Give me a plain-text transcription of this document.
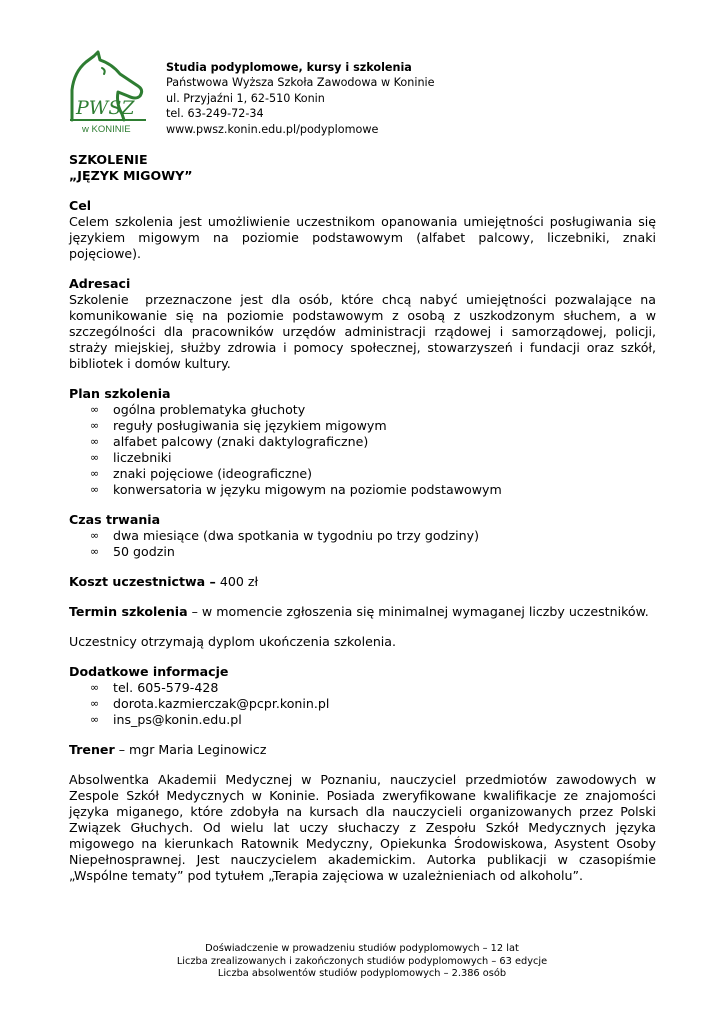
PWSZ
w KONINIE
Studia podyplomowe, kursy i szkolenia
Państwowa Wyższa Szkoła Zawodowa w Koninie
ul. Przyjaźni 1, 62-510 Konin
tel. 63-249-72-34
www.pwsz.konin.edu.pl/podyplomowe

SZKOLENIE

„JĘZYK MIGOWY”

Cel

Celem szkolenia jest umożliwienie uczestnikom opanowania umiejętności posługiwania się językiem migowym na poziomie podstawowym (alfabet palcowy, liczebniki, znaki pojęciowe).

Adresaci

Szkolenie  przeznaczone jest dla osób, które chcą nabyć umiejętności pozwalające na komunikowanie się na poziomie podstawowym z osobą z uszkodzonym słuchem, a w szczególności dla pracowników urzędów administracji rządowej i samorządowej, policji, straży miejskiej, służby zdrowia i pomocy społecznej, stowarzyszeń i fundacji oraz szkół, bibliotek i domów kultury.

Plan szkolenia

∞ ogólna problematyka głuchoty
∞ reguły posługiwania się językiem migowym
∞ alfabet palcowy (znaki daktylograficzne)
∞ liczebniki
∞ znaki pojęciowe (ideograficzne)
∞ konwersatoria w języku migowym na poziomie podstawowym

Czas trwania

∞ dwa miesiące (dwa spotkania w tygodniu po trzy godziny)
∞ 50 godzin

Koszt uczestnictwa – 400 zł

Termin szkolenia – w momencie zgłoszenia się minimalnej wymaganej liczby uczestników.

Uczestnicy otrzymają dyplom ukończenia szkolenia.

Dodatkowe informacje

∞ tel. 605-579-428
∞ dorota.kazmierczak@pcpr.konin.pl
∞ ins_ps@konin.edu.pl

Trener – mgr Maria Leginowicz

Absolwentka Akademii Medycznej w Poznaniu, nauczyciel przedmiotów zawodowych w Zespole Szkół Medycznych w Koninie. Posiada zweryfikowane kwalifikacje ze znajomości języka miganego, które zdobyła na kursach dla nauczycieli organizowanych przez Polski Związek Głuchych. Od wielu lat uczy słuchaczy z Zespołu Szkół Medycznych języka migowego na kierunkach Ratownik Medyczny, Opiekunka Środowiskowa, Asystent Osoby Niepełnosprawnej. Jest nauczycielem akademickim. Autorka publikacji w czasopiśmie „Wspólne tematy” pod tytułem „Terapia zajęciowa w uzależnieniach od alkoholu”.

Doświadczenie w prowadzeniu studiów podyplomowych – 12 lat
Liczba zrealizowanych i zakończonych studiów podyplomowych – 63 edycje
Liczba absolwentów studiów podyplomowych – 2.386 osób
